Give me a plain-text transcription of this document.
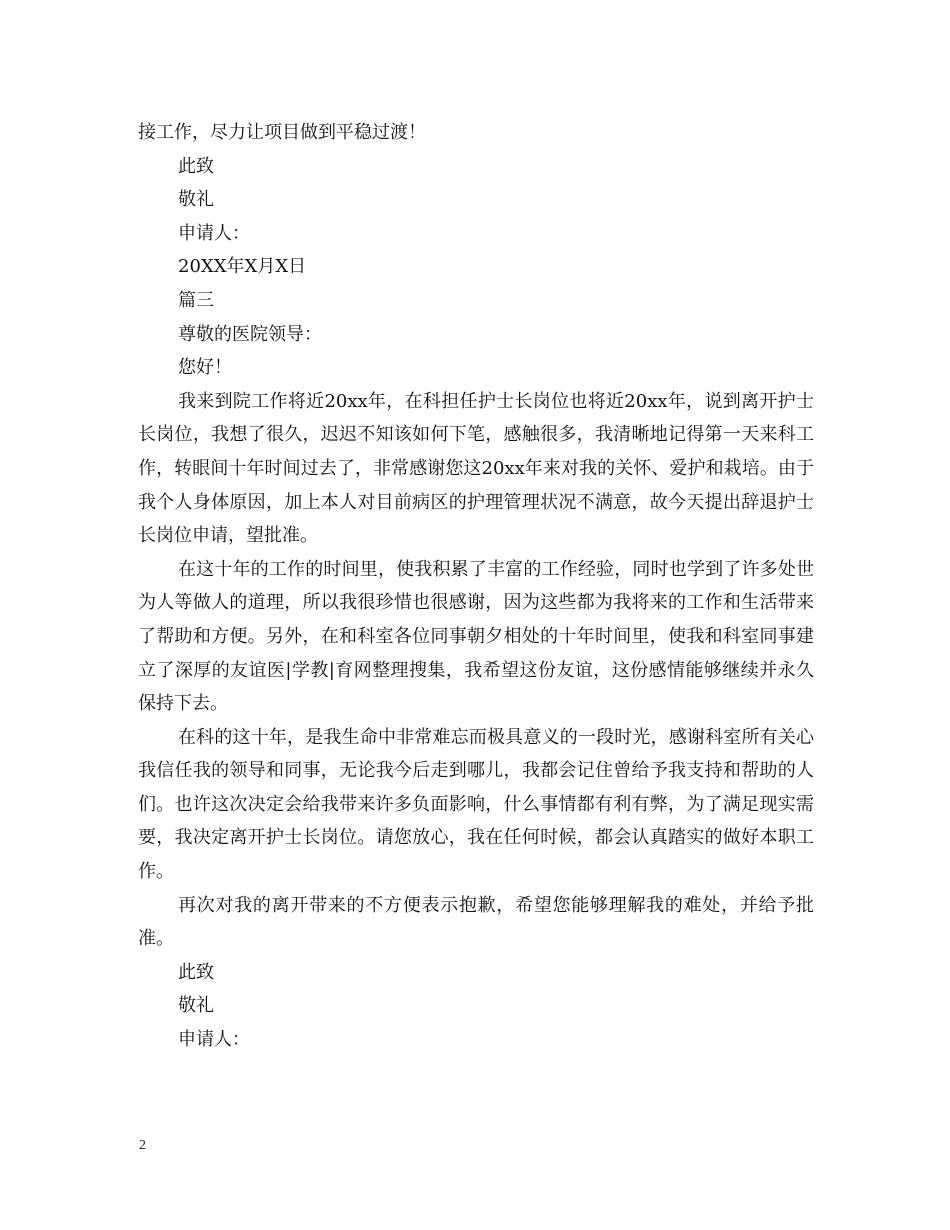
接工作，尽力让项目做到平稳过渡！

此致

敬礼

申请人：

20XX年X月X日

篇三

尊敬的医院领导：

您好！

我来到院工作将近20xx年，在科担任护士长岗位也将近20xx年，说到离开护士长岗位，我想了很久，迟迟不知该如何下笔，感触很多，我清晰地记得第一天来科工作，转眼间十年时间过去了，非常感谢您这20xx年来对我的关怀、爱护和栽培。由于我个人身体原因，加上本人对目前病区的护理管理状况不满意，故今天提出辞退护士长岗位申请，望批准。

在这十年的工作的时间里，使我积累了丰富的工作经验，同时也学到了许多处世为人等做人的道理，所以我很珍惜也很感谢，因为这些都为我将来的工作和生活带来了帮助和方便。另外，在和科室各位同事朝夕相处的十年时间里，使我和科室同事建立了深厚的友谊医|学教|育网整理搜集，我希望这份友谊，这份感情能够继续并永久保持下去。

在科的这十年，是我生命中非常难忘而极具意义的一段时光，感谢科室所有关心我信任我的领导和同事，无论我今后走到哪儿，我都会记住曾给予我支持和帮助的人们。也许这次决定会给我带来许多负面影响，什么事情都有利有弊，为了满足现实需要，我决定离开护士长岗位。请您放心，我在任何时候，都会认真踏实的做好本职工作。

再次对我的离开带来的不方便表示抱歉，希望您能够理解我的难处，并给予批准。

此致

敬礼

申请人：

2
